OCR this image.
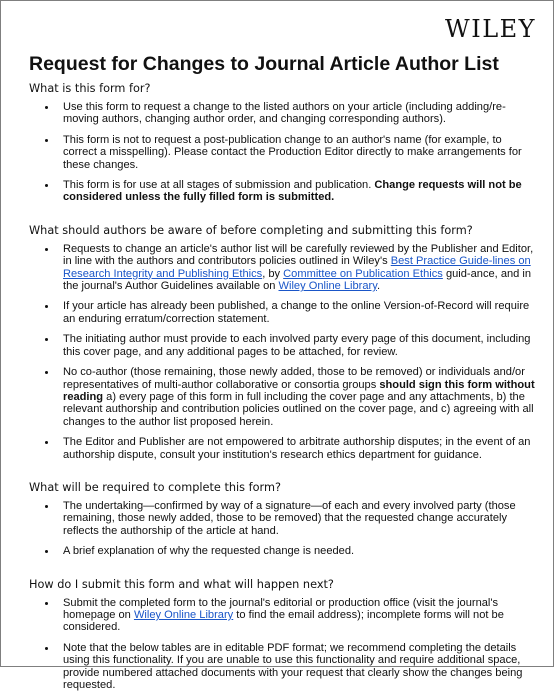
WILEY
Request for Changes to Journal Article Author List
What is this form for?
Use this form to request a change to the listed authors on your article (including adding/re-moving authors, changing author order, and changing corresponding authors).
This form is not to request a post-publication change to an author's name (for example, to correct a misspelling). Please contact the Production Editor directly to make arrangements for these changes.
This form is for use at all stages of submission and publication. Change requests will not be considered unless the fully filled form is submitted.
What should authors be aware of before completing and submitting this form?
Requests to change an article's author list will be carefully reviewed by the Publisher and Editor, in line with the authors and contributors policies outlined in Wiley's Best Practice Guide-lines on Research Integrity and Publishing Ethics, by Committee on Publication Ethics guid-ance, and in the journal's Author Guidelines available on Wiley Online Library.
If your article has already been published, a change to the online Version-of-Record will require an enduring erratum/correction statement.
The initiating author must provide to each involved party every page of this document, including this cover page, and any additional pages to be attached, for review.
No co-author (those remaining, those newly added, those to be removed) or individuals and/or representatives of multi-author collaborative or consortia groups should sign this form without reading a) every page of this form in full including the cover page and any attachments, b) the relevant authorship and contribution policies outlined on the cover page, and c) agreeing with all changes to the author list proposed herein.
The Editor and Publisher are not empowered to arbitrate authorship disputes; in the event of an authorship dispute, consult your institution's research ethics department for guidance.
What will be required to complete this form?
The undertaking—confirmed by way of a signature—of each and every involved party (those remaining, those newly added, those to be removed) that the requested change accurately reflects the authorship of the article at hand.
A brief explanation of why the requested change is needed.
How do I submit this form and what will happen next?
Submit the completed form to the journal's editorial or production office (visit the journal's homepage on Wiley Online Library to find the email address); incomplete forms will not be considered.
Note that the below tables are in editable PDF format; we recommend completing the details using this functionality. If you are unable to use this functionality and require additional space, provide numbered attached documents with your request that clearly show the changes being requested.
